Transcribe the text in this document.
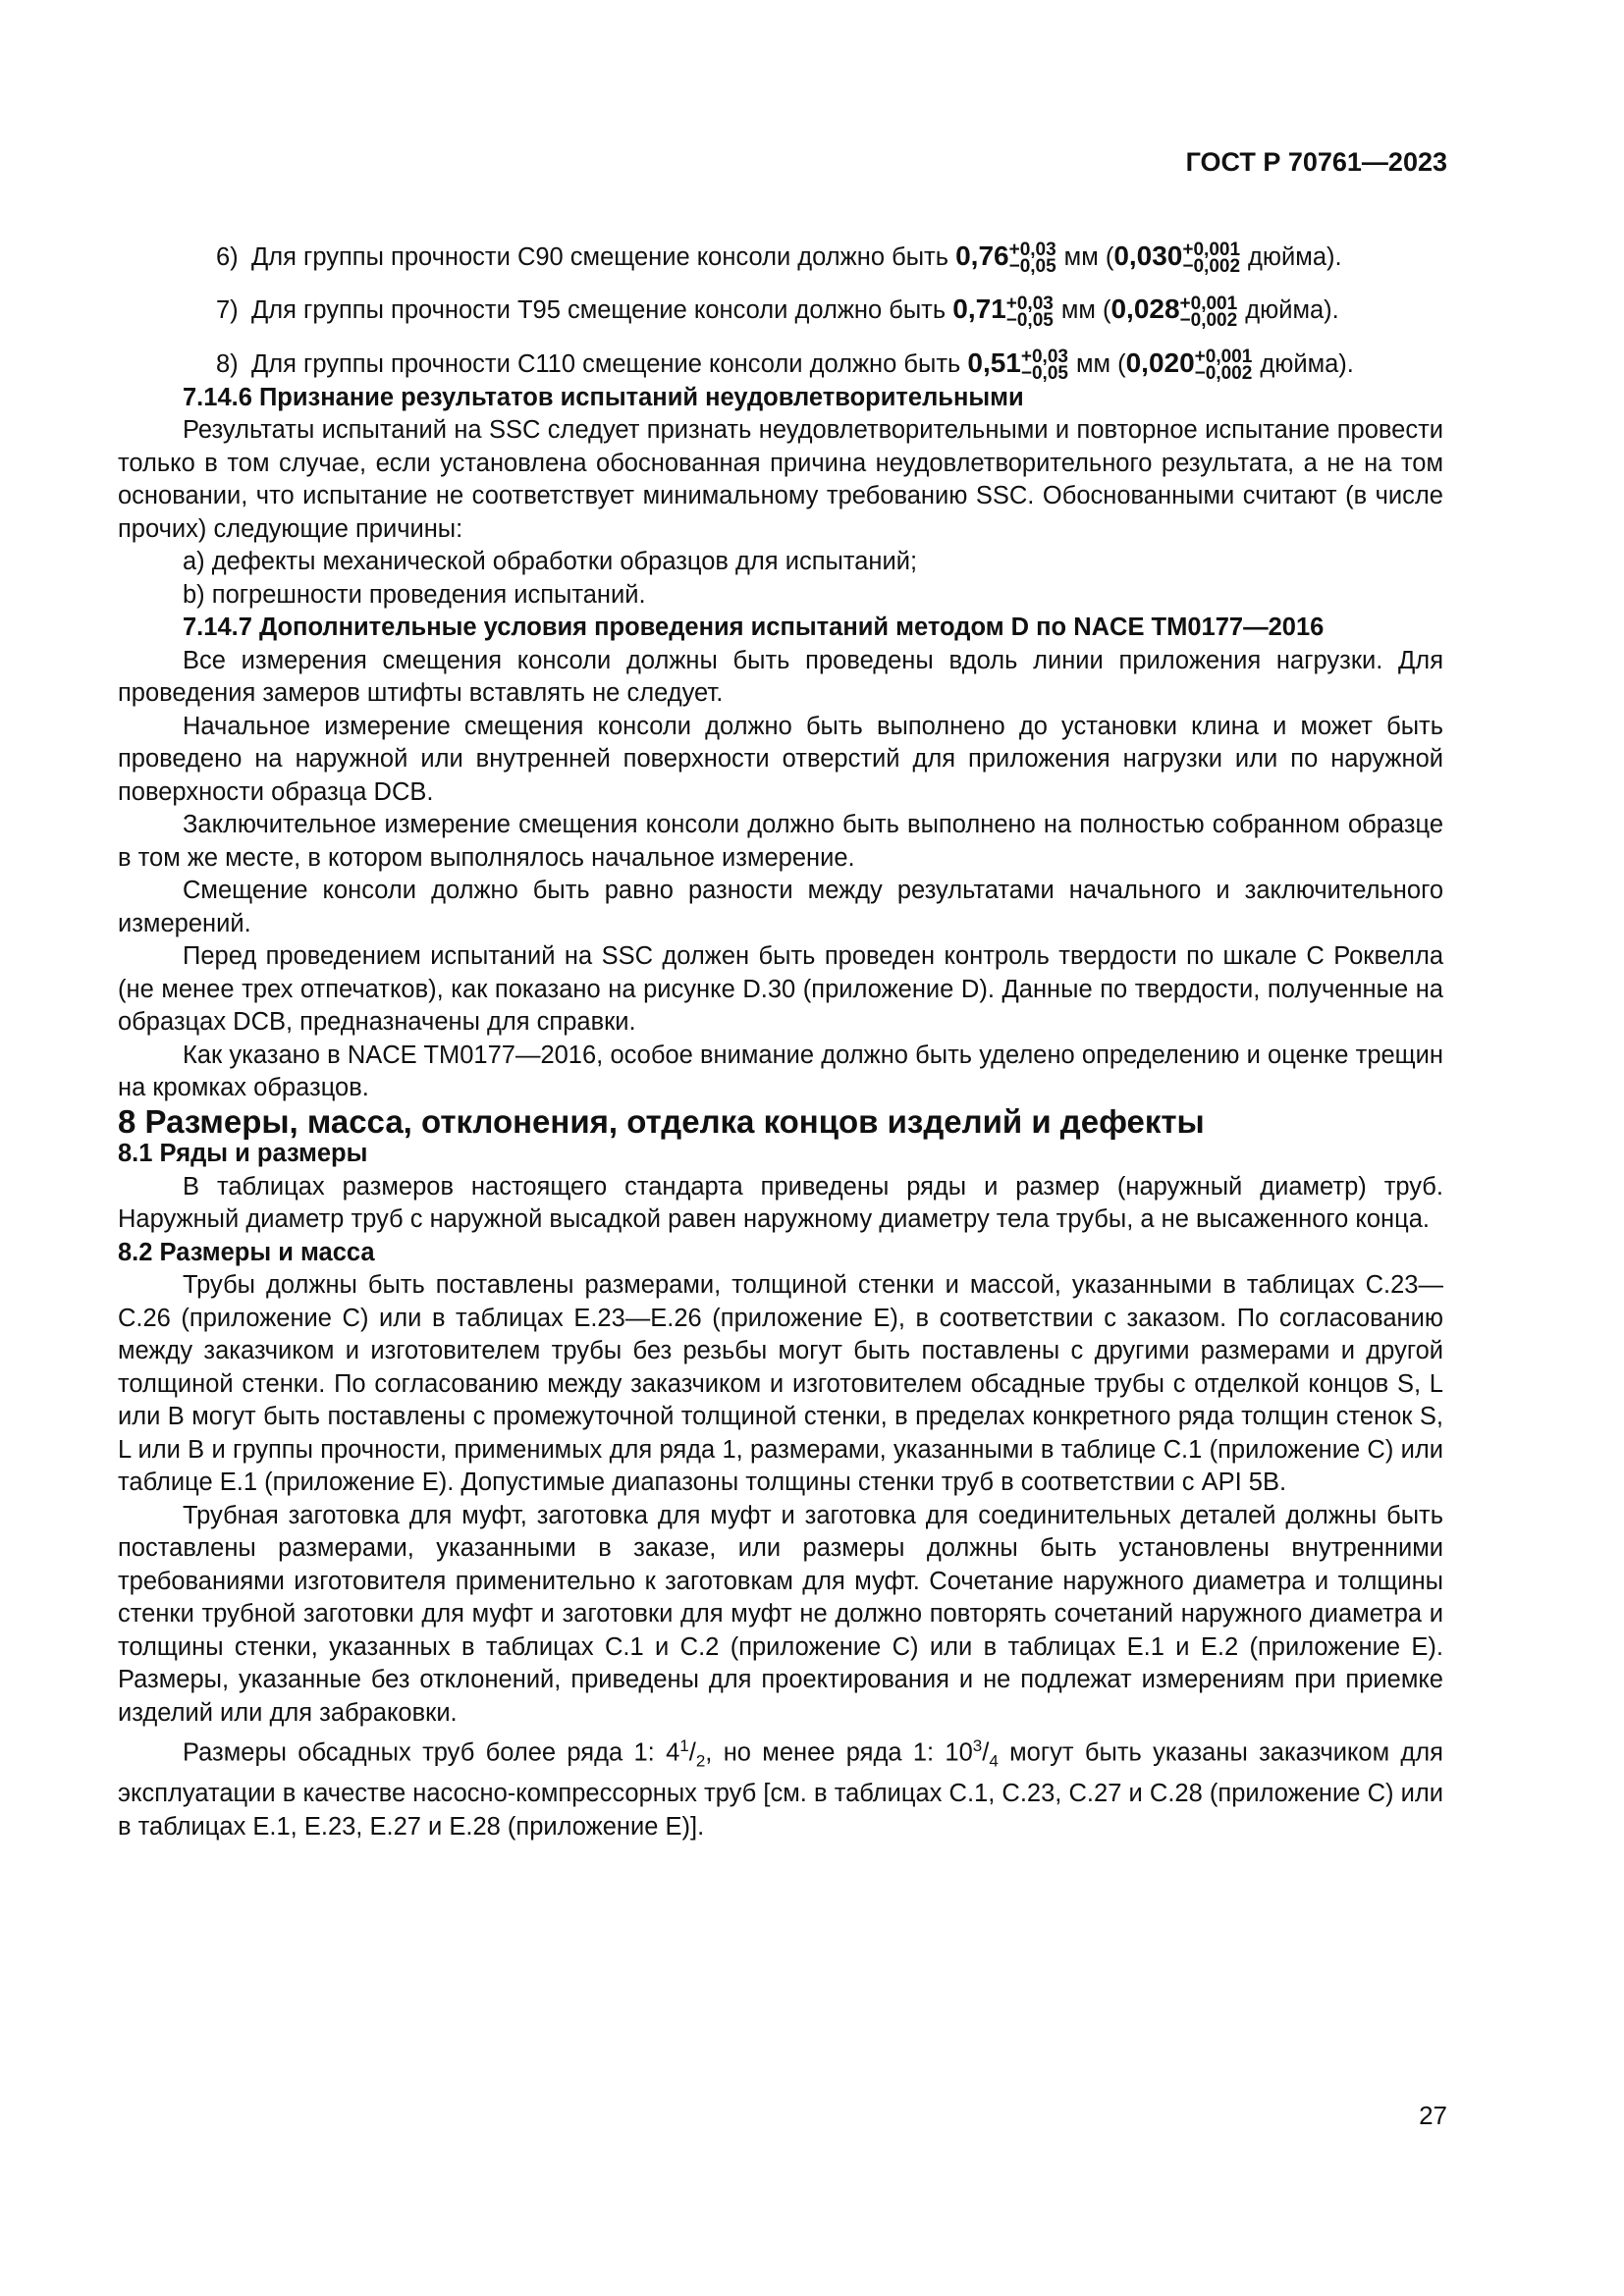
ГОСТ Р 70761—2023

6) Для группы прочности C90 смещение консоли должно быть 0,76 +0,03
−0,05 мм (0,030 +0,001
−0,002 дюйма).

7) Для группы прочности T95 смещение консоли должно быть 0,71 +0,03
−0,05 мм (0,028 +0,001
−0,002 дюйма).

8) Для группы прочности C110 смещение консоли должно быть 0,51 +0,03
−0,05 мм (0,020 +0,001
−0,002 дюйма).

7.14.6 Признание результатов испытаний неудовлетворительными

Результаты испытаний на SSC следует признать неудовлетворительными и повторное испытание провести только в том случае, если установлена обоснованная причина неудовлетворительного результата, а не на том основании, что испытание не соответствует минимальному требованию SSC. Обоснованными считают (в числе прочих) следующие причины:

а) дефекты механической обработки образцов для испытаний;

b) погрешности проведения испытаний.

7.14.7 Дополнительные условия проведения испытаний методом D по NACE TM0177—2016

Все измерения смещения консоли должны быть проведены вдоль линии приложения нагрузки. Для проведения замеров штифты вставлять не следует.

Начальное измерение смещения консоли должно быть выполнено до установки клина и может быть проведено на наружной или внутренней поверхности отверстий для приложения нагрузки или по наружной поверхности образца DCB.

Заключительное измерение смещения консоли должно быть выполнено на полностью собранном образце в том же месте, в котором выполнялось начальное измерение.

Смещение консоли должно быть равно разности между результатами начального и заключительного измерений.

Перед проведением испытаний на SSC должен быть проведен контроль твердости по шкале C Роквелла (не менее трех отпечатков), как показано на рисунке D.30 (приложение D). Данные по твердости, полученные на образцах DCB, предназначены для справки.

Как указано в NACE TM0177—2016, особое внимание должно быть уделено определению и оценке трещин на кромках образцов.

8 Размеры, масса, отклонения, отделка концов изделий и дефекты

8.1 Ряды и размеры

В таблицах размеров настоящего стандарта приведены ряды и размер (наружный диаметр) труб. Наружный диаметр труб с наружной высадкой равен наружному диаметру тела трубы, а не высаженного конца.

8.2 Размеры и масса

Трубы должны быть поставлены размерами, толщиной стенки и массой, указанными в таблицах C.23—C.26 (приложение C) или в таблицах E.23—E.26 (приложение E), в соответствии с заказом. По согласованию между заказчиком и изготовителем трубы без резьбы могут быть поставлены с другими размерами и другой толщиной стенки. По согласованию между заказчиком и изготовителем обсадные трубы с отделкой концов S, L или B могут быть поставлены с промежуточной толщиной стенки, в пределах конкретного ряда толщин стенок S, L или B и группы прочности, применимых для ряда 1, размерами, указанными в таблице C.1 (приложение C) или таблице E.1 (приложение E). Допустимые диапазоны толщины стенки труб в соответствии с API 5B.

Трубная заготовка для муфт, заготовка для муфт и заготовка для соединительных деталей должны быть поставлены размерами, указанными в заказе, или размеры должны быть установлены внутренними требованиями изготовителя применительно к заготовкам для муфт. Сочетание наружного диаметра и толщины стенки трубной заготовки для муфт и заготовки для муфт не должно повторять сочетаний наружного диаметра и толщины стенки, указанных в таблицах C.1 и C.2 (приложение C) или в таблицах E.1 и E.2 (приложение E). Размеры, указанные без отклонений, приведены для проектирования и не подлежат измерениям при приемке изделий или для забраковки.

Размеры обсадных труб более ряда 1: $4^1/_2$, но менее ряда 1: $10^3/_4$ могут быть указаны заказчиком для эксплуатации в качестве насосно-компрессорных труб [см. в таблицах C.1, C.23, C.27 и C.28 (приложение C) или в таблицах E.1, E.23, E.27 и E.28 (приложение E)].

27
